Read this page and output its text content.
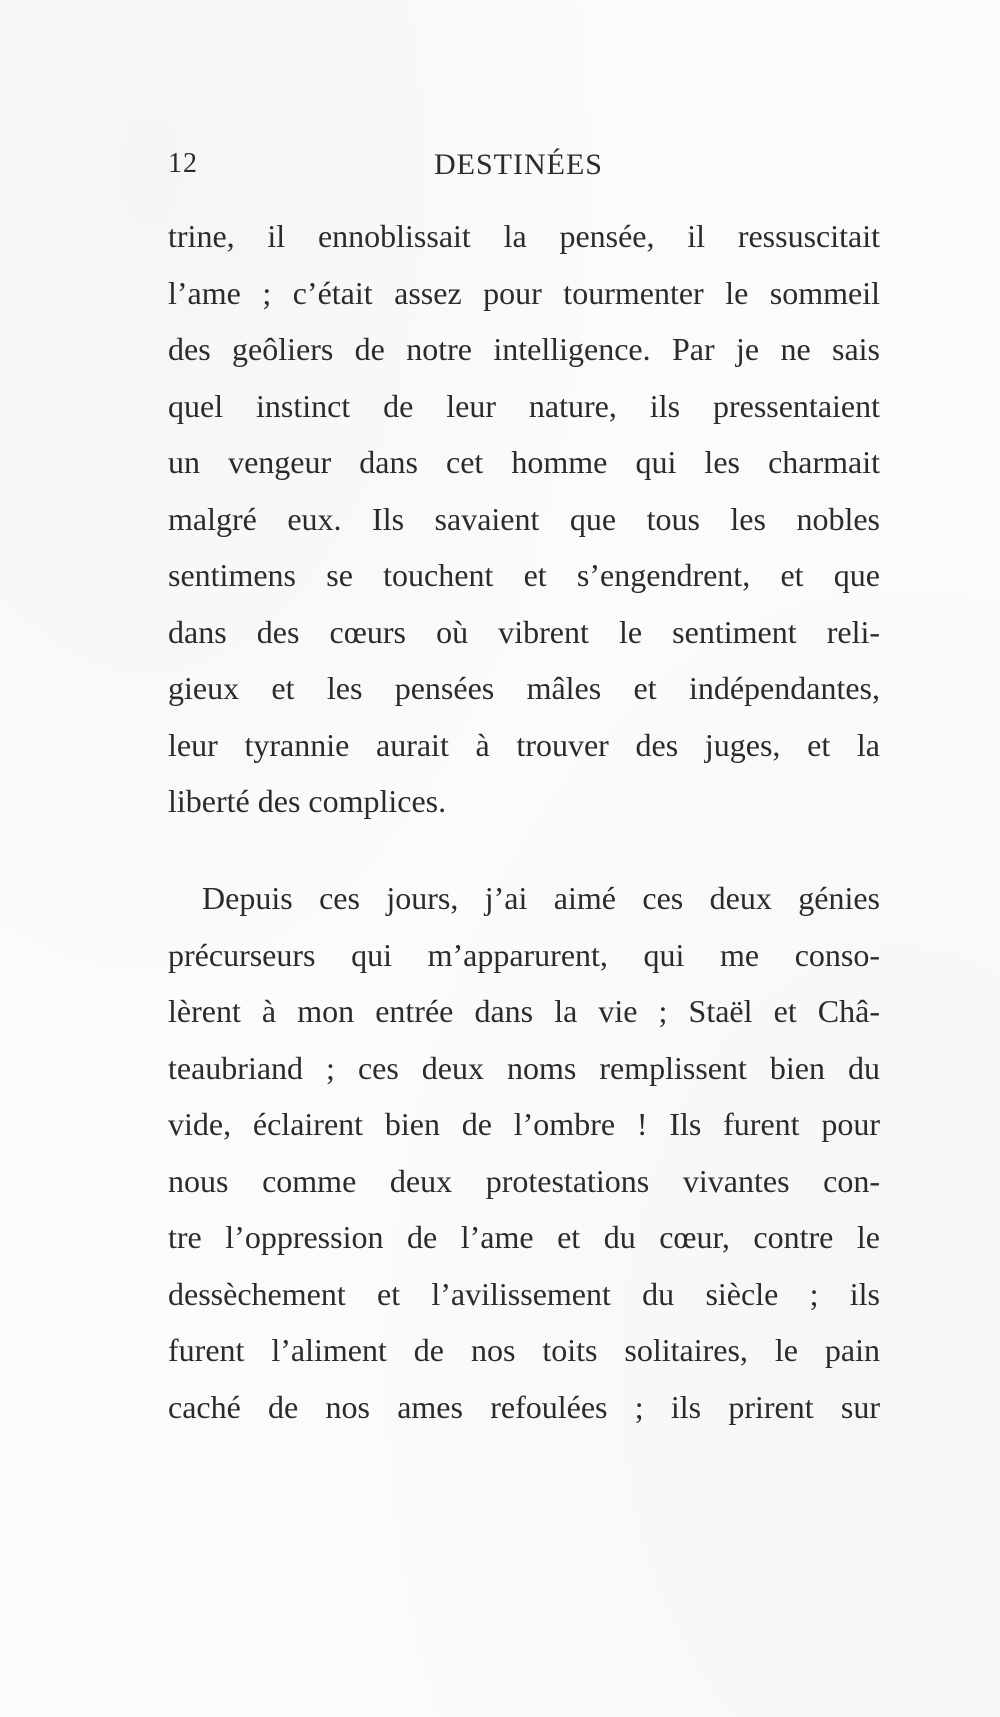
12	DESTINÉES
trine, il ennoblissait la pensée, il ressuscitait
l’ame ; c’était assez pour tourmenter le sommeil
des geôliers de notre intelligence. Par je ne sais
quel instinct de leur nature, ils pressentaient
un vengeur dans cet homme qui les charmait
malgré eux. Ils savaient que tous les nobles
sentimens se touchent et s’engendrent, et que
dans des cœurs où vibrent le sentiment reli-
gieux et les pensées mâles et indépendantes,
leur tyrannie aurait à trouver des juges, et la
liberté des complices.
Depuis ces jours, j’ai aimé ces deux génies
précurseurs qui m’apparurent, qui me conso-
lèrent à mon entrée dans la vie ; Staël et Châ-
teaubriand ; ces deux noms remplissent bien du
vide, éclairent bien de l’ombre ! Ils furent pour
nous comme deux protestations vivantes con-
tre l’oppression de l’ame et du cœur, contre le
dessèchement et l’avilissement du siècle ; ils
furent l’aliment de nos toits solitaires, le pain
caché de nos ames refoulées ; ils prirent sur
